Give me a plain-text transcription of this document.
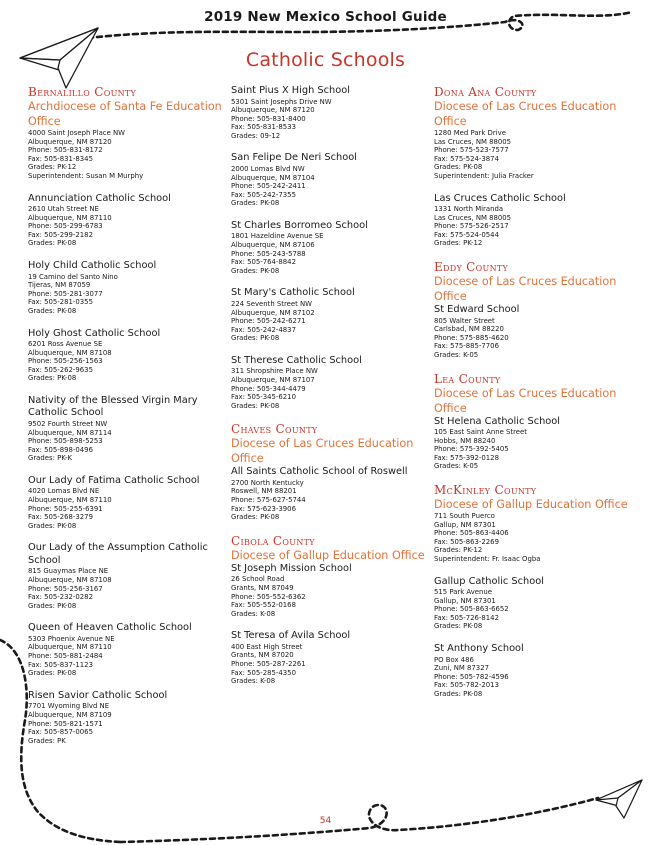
2019 New Mexico School Guide
Catholic Schools
Bernalillo County
Archdiocese of Santa Fe Education Office
4000 Saint Joseph Place NW
Albuquerque, NM 87120
Phone: 505-831-8172
Fax: 505-831-8345
Grades: PK-12
Superintendent: Susan M Murphy
Annunciation Catholic School
2610 Utah Street NE
Albuquerque, NM 87110
Phone: 505-299-6783
Fax: 505-299-2182
Grades: PK-08
Holy Child Catholic School
19 Camino del Santo Nino
Tijeras, NM 87059
Phone: 505-281-3077
Fax: 505-281-0355
Grades: PK-08
Holy Ghost Catholic School
6201 Ross Avenue SE
Albuquerque, NM 87108
Phone: 505-256-1563
Fax: 505-262-9635
Grades: PK-08
Nativity of the Blessed Virgin Mary Catholic School
9502 Fourth Street NW
Albuquerque, NM 87114
Phone: 505-898-5253
Fax: 505-898-0496
Grades: PK-K
Our Lady of Fatima Catholic School
4020 Lomas Blvd NE
Albuquerque, NM 87110
Phone: 505-255-6391
Fax: 505-268-3279
Grades: PK-08
Our Lady of the Assumption Catholic School
815 Guaymas Place NE
Albuquerque, NM 87108
Phone: 505-256-3167
Fax: 505-232-0282
Grades: PK-08
Queen of Heaven Catholic School
5303 Phoenix Avenue NE
Albuquerque, NM 87110
Phone: 505-881-2484
Fax: 505-837-1123
Grades: PK-08
Risen Savior Catholic School
7701 Wyoming Blvd NE
Albuquerque, NM 87109
Phone: 505-821-1571
Fax: 505-857-0065
Grades: PK
Saint Pius X High School
5301 Saint Josephs Drive NW
Albuquerque, NM 87120
Phone: 505-831-8400
Fax: 505-831-8533
Grades: 09-12
San Felipe De Neri School
2000 Lomas Blvd NW
Albuquerque, NM 87104
Phone: 505-242-2411
Fax: 505-242-7355
Grades: PK-08
St Charles Borromeo School
1801 Hazeldine Avenue SE
Albuquerque, NM 87106
Phone: 505-243-5788
Fax: 505-764-8842
Grades: PK-08
St Mary's Catholic School
224 Seventh Street NW
Albuquerque, NM 87102
Phone: 505-242-6271
Fax: 505-242-4837
Grades: PK-08
St Therese Catholic School
311 Shropshire Place NW
Albuquerque, NM 87107
Phone: 505-344-4479
Fax: 505-345-6210
Grades: PK-08
Chaves County
Diocese of Las Cruces Education Office
All Saints Catholic School of Roswell
2700 North Kentucky
Roswell, NM 88201
Phone: 575-627-5744
Fax: 575-623-3906
Grades: PK-08
Cibola County
Diocese of Gallup Education Office
St Joseph Mission School
26 School Road
Grants, NM 87049
Phone: 505-552-6362
Fax: 505-552-0168
Grades: K-08
St Teresa of Avila School
400 East High Street
Grants, NM 87020
Phone: 505-287-2261
Fax: 505-285-4350
Grades: K-08
Dona Ana County
Diocese of Las Cruces Education Office
1280 Med Park Drive
Las Cruces, NM 88005
Phone: 575-523-7577
Fax: 575-524-3874
Grades: PK-08
Superintendent: Julia Fracker
Las Cruces Catholic School
1331 North Miranda
Las Cruces, NM 88005
Phone: 575-526-2517
Fax: 575-524-0544
Grades: PK-12
Eddy County
Diocese of Las Cruces Education Office
St Edward School
805 Walter Street
Carlsbad, NM 88220
Phone: 575-885-4620
Fax: 575-885-7706
Grades: K-05
Lea County
Diocese of Las Cruces Education Office
St Helena Catholic School
105 East Saint Anne Street
Hobbs, NM 88240
Phone: 575-392-5405
Fax: 575-392-0128
Grades: K-05
McKinley County
Diocese of Gallup Education Office
711 South Puerco
Gallup, NM 87301
Phone: 505-863-4406
Fax: 505-863-2269
Grades: PK-12
Superintendent: Fr. Isaac Ogba
Gallup Catholic School
515 Park Avenue
Gallup, NM 87301
Phone: 505-863-6652
Fax: 505-726-8142
Grades: PK-08
St Anthony School
PO Box 486
Zuni, NM 87327
Phone: 505-782-4596
Fax: 505-782-2013
Grades: PK-08
54
